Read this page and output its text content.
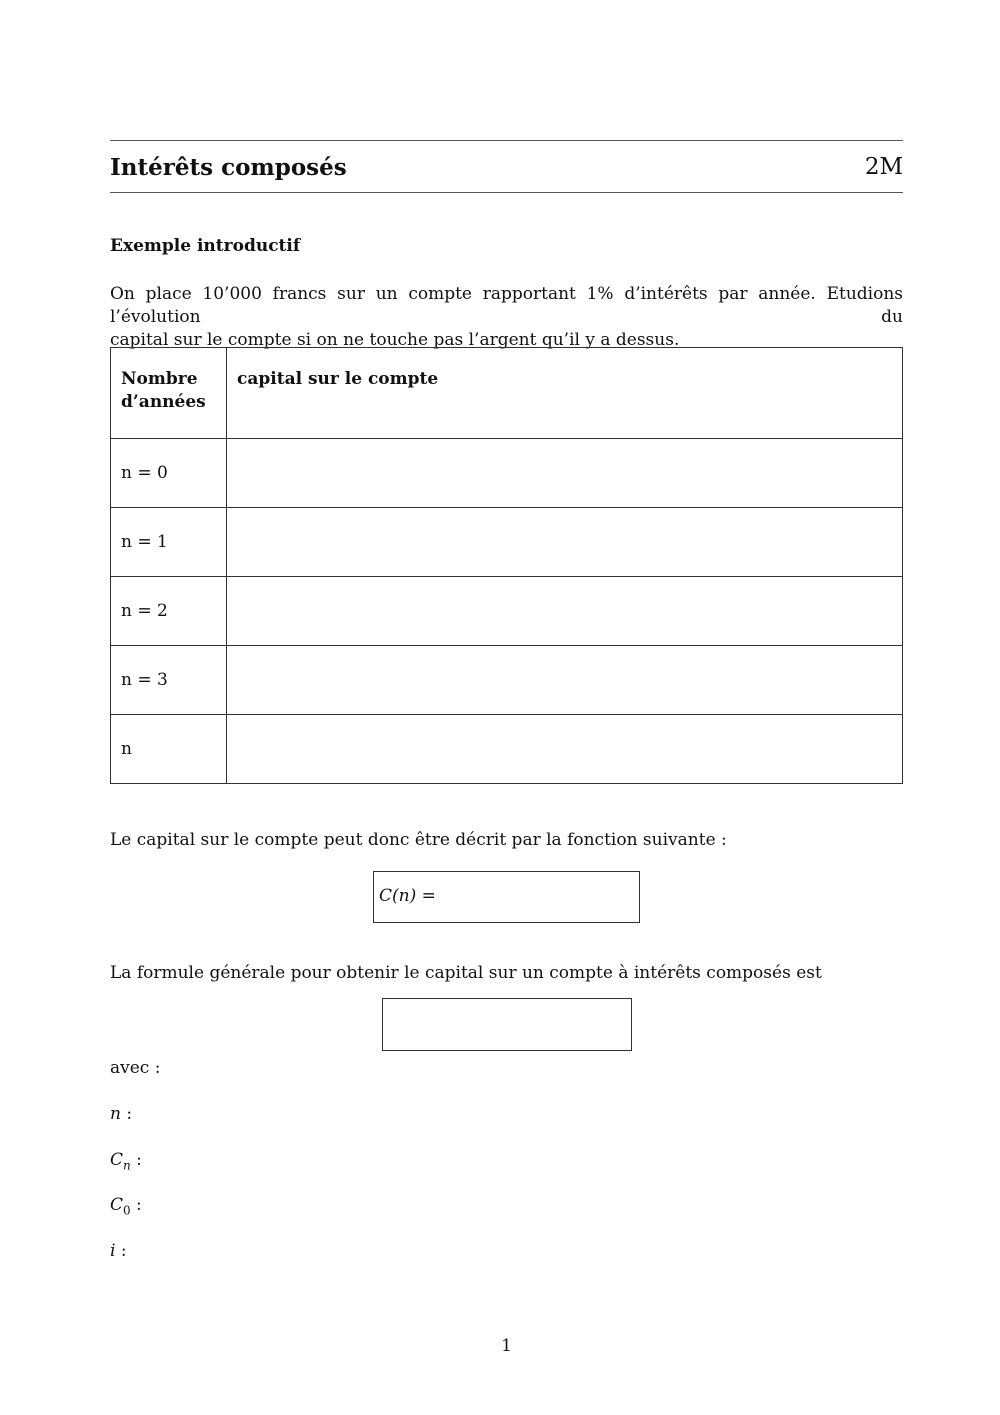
Intérêts composés	2M
Exemple introductif
On place 10’000 francs sur un compte rapportant 1% d’intérêts par année. Etudions l’évolution du
capital sur le compte si on ne touche pas l’argent qu’il y a dessus.
Nombre d’années	capital sur le compte
n = 0	
n = 1	
n = 2	
n = 3	
n	
Le capital sur le compte peut donc être décrit par la fonction suivante :
C(n) =
La formule générale pour obtenir le capital sur un compte à intérêts composés est
avec :
n :
$C_n$ :
$C_0$ :
i :
1
